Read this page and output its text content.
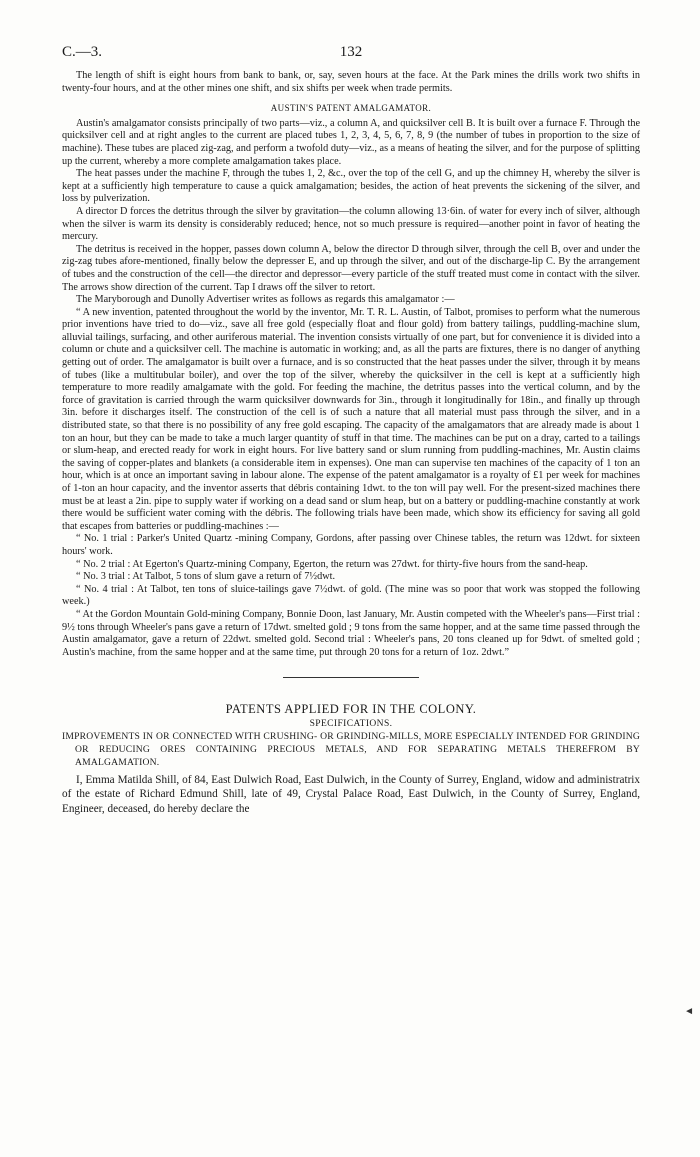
C.—3.	132

The length of shift is eight hours from bank to bank, or, say, seven hours at the face. At the Park mines the drills work two shifts in twenty-four hours, and at the other mines one shift, and six shifts per week when trade permits.

AUSTIN'S PATENT AMALGAMATOR.

Austin's amalgamator consists principally of two parts—viz., a column A, and quicksilver cell B. It is built over a furnace F. Through the quicksilver cell and at right angles to the current are placed tubes 1, 2, 3, 4, 5, 6, 7, 8, 9 (the number of tubes in proportion to the size of machine). These tubes are placed zig-zag, and perform a twofold duty—viz., as a means of heating the silver, and for the purpose of splitting up the current, whereby a more complete amalgamation takes place.

The heat passes under the machine F, through the tubes 1, 2, &c., over the top of the cell G, and up the chimney H, whereby the silver is kept at a sufficiently high temperature to cause a quick amalgamation; besides, the action of heat prevents the sickening of the silver, and loss by pulverization.

A director D forces the detritus through the silver by gravitation—the column allowing 13·6in. of water for every inch of silver, although when the silver is warm its density is considerably reduced; hence, not so much pressure is required—another point in favor of heating the mercury.

The detritus is received in the hopper, passes down column A, below the director D through silver, through the cell B, over and under the zig-zag tubes afore-mentioned, finally below the depresser E, and up through the silver, and out of the discharge-lip C. By the arrangement of tubes and the construction of the cell—the director and depressor—every particle of the stuff treated must come in contact with the silver. The arrows show direction of the current. Tap I draws off the silver to retort.

The Maryborough and Dunolly Advertiser writes as follows as regards this amalgamator :—

“ A new invention, patented throughout the world by the inventor, Mr. T. R. L. Austin, of Talbot, promises to perform what the numerous prior inventions have tried to do—viz., save all free gold (especially float and flour gold) from battery tailings, puddling-machine slum, alluvial tailings, surfacing, and other auriferous material. The invention consists virtually of one part, but for convenience it is divided into a column or chute and a quicksilver cell. The machine is automatic in working; and, as all the parts are fixtures, there is no danger of anything getting out of order. The amalgamator is built over a furnace, and is so constructed that the heat passes under the silver, through it by means of tubes (like a multitubular boiler), and over the top of the silver, whereby the quicksilver in the cell is kept at a sufficiently high temperature to more readily amalgamate with the gold. For feeding the machine, the detritus passes into the vertical column, and by the force of gravitation is carried through the warm quicksilver downwards for 3in., through it longitudinally for 18in., and finally up through 3in. before it discharges itself. The construction of the cell is of such a nature that all material must pass through the silver, and in a distributed state, so that there is no possibility of any free gold escaping. The capacity of the amalgamators that are already made is about 1 ton an hour, but they can be made to take a much larger quantity of stuff in that time. The machines can be put on a dray, carted to a tailings or slum-heap, and erected ready for work in eight hours. For live battery sand or slum running from puddling-machines, Mr. Austin claims the saving of copper-plates and blankets (a considerable item in expenses). One man can supervise ten machines of the capacity of 1 ton an hour, which is at once an important saving in labour alone. The expense of the patent amalgamator is a royalty of £1 per week for machines of 1-ton an hour capacity, and the inventor asserts that débris containing 1dwt. to the ton will pay well. For the present-sized machines there must be at least a 2in. pipe to supply water if working on a dead sand or slum heap, but on a battery or puddling-machine constantly at work there would be sufficient water coming with the débris. The following trials have been made, which show its efficiency for saving all gold that escapes from batteries or puddling-machines :—

“ No. 1 trial : Parker's United Quartz -mining Company, Gordons, after passing over Chinese tables, the return was 12dwt. for sixteen hours' work.

“ No. 2 trial : At Egerton's Quartz-mining Company, Egerton, the return was 27dwt. for thirty-five hours from the sand-heap.

“ No. 3 trial : At Talbot, 5 tons of slum gave a return of 7½dwt.

“ No. 4 trial : At Talbot, ten tons of sluice-tailings gave 7½dwt. of gold. (The mine was so poor that work was stopped the following week.)

“ At the Gordon Mountain Gold-mining Company, Bonnie Doon, last January, Mr. Austin competed with the Wheeler's pans—First trial : 9½ tons through Wheeler's pans gave a return of 17dwt. smelted gold ; 9 tons from the same hopper, and at the same time passed through the Austin amalgamator, gave a return of 22dwt. smelted gold. Second trial : Wheeler's pans, 20 tons cleaned up for 9dwt. of smelted gold ; Austin's machine, from the same hopper and at the same time, put through 20 tons for a return of 1oz. 2dwt.”

PATENTS APPLIED FOR IN THE COLONY.

SPECIFICATIONS.

IMPROVEMENTS IN OR CONNECTED WITH CRUSHING- OR GRINDING-MILLS, MORE ESPECIALLY INTENDED FOR GRINDING OR REDUCING ORES CONTAINING PRECIOUS METALS, AND FOR SEPARATING METALS THEREFROM BY AMALGAMATION.

I, Emma Matilda Shill, of 84, East Dulwich Road, East Dulwich, in the County of Surrey, England, widow and administratrix of the estate of Richard Edmund Shill, late of 49, Crystal Palace Road, East Dulwich, in the County of Surrey, England, Engineer, deceased, do hereby declare the

◄
